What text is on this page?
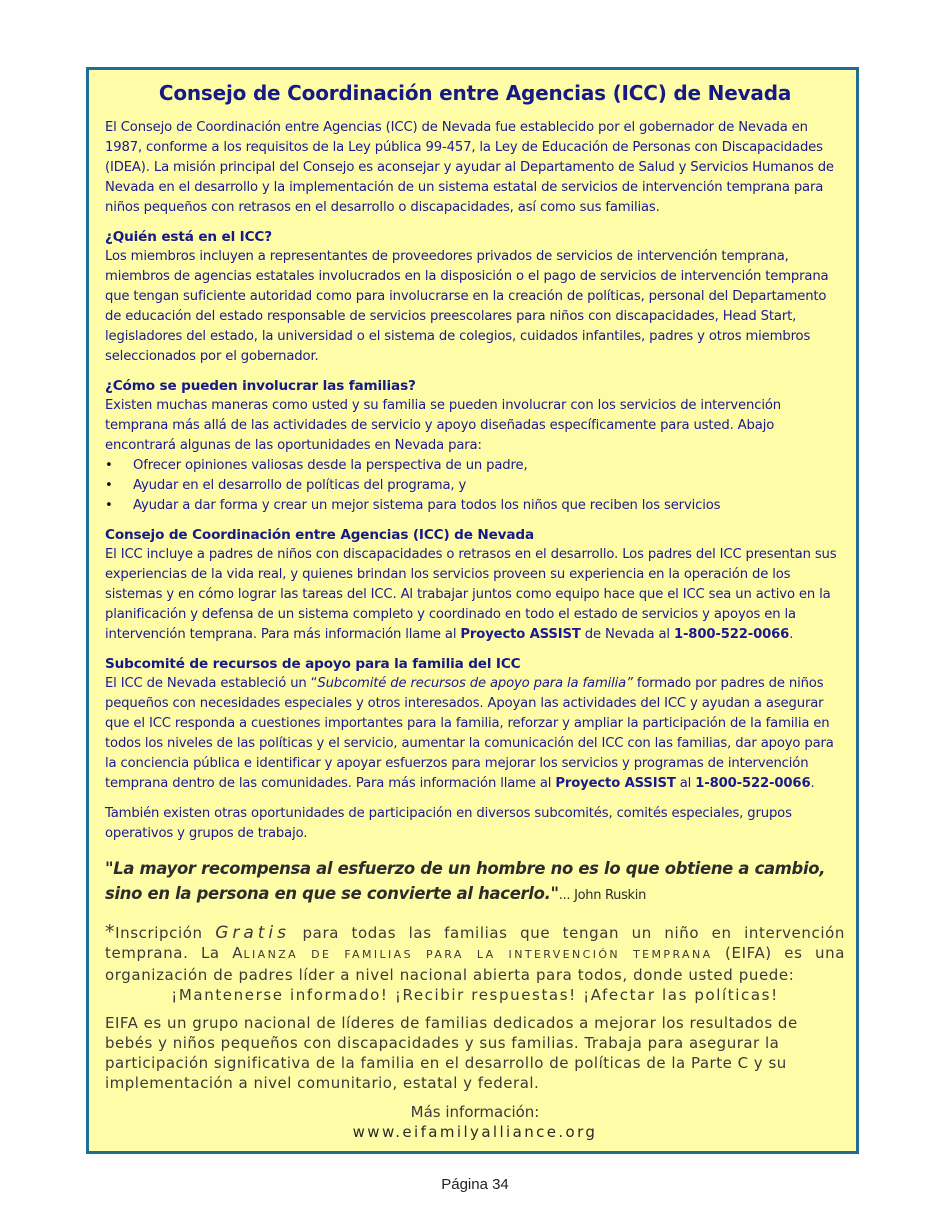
Consejo de Coordinación entre Agencias (ICC) de Nevada

El Consejo de Coordinación entre Agencias (ICC) de Nevada fue establecido por el gobernador de Nevada en 1987, conforme a los requisitos de la Ley pública 99-457, la Ley de Educación de Personas con Discapacidades (IDEA). La misión principal del Consejo es aconsejar y ayudar al Departamento de Salud y Servicios Humanos de Nevada en el desarrollo y la implementación de un sistema estatal de servicios de intervención temprana para niños pequeños con retrasos en el desarrollo o discapacidades, así como sus familias.

¿Quién está en el ICC?

Los miembros incluyen a representantes de proveedores privados de servicios de intervención temprana, miembros de agencias estatales involucrados en la disposición o el pago de servicios de intervención temprana que tengan suficiente autoridad como para involucrarse en la creación de políticas, personal del Departamento de educación del estado responsable de servicios preescolares para niños con discapacidades, Head Start, legisladores del estado, la universidad o el sistema de colegios, cuidados infantiles, padres y otros miembros seleccionados por el gobernador.

¿Cómo se pueden involucrar las familias?

Existen muchas maneras como usted y su familia se pueden involucrar con los servicios de intervención temprana más allá de las actividades de servicio y apoyo diseñadas específicamente para usted. Abajo encontrará algunas de las oportunidades en Nevada para:

• Ofrecer opiniones valiosas desde la perspectiva de un padre,
• Ayudar en el desarrollo de políticas del programa, y
• Ayudar a dar forma y crear un mejor sistema para todos los niños que reciben los servicios
Consejo de Coordinación entre Agencias (ICC) de Nevada

El ICC incluye a padres de niños con discapacidades o retrasos en el desarrollo. Los padres del ICC presentan sus experiencias de la vida real, y quienes brindan los servicios proveen su experiencia en la operación de los sistemas y en cómo lograr las tareas del ICC. Al trabajar juntos como equipo hace que el ICC sea un activo en la planificación y defensa de un sistema completo y coordinado en todo el estado de servicios y apoyos en la intervención temprana. Para más información llame al Proyecto ASSIST de Nevada al 1-800-522-0066.

Subcomité de recursos de apoyo para la familia del ICC

El ICC de Nevada estableció un “Subcomité de recursos de apoyo para la familia” formado por padres de niños pequeños con necesidades especiales y otros interesados. Apoyan las actividades del ICC y ayudan a asegurar que el ICC responda a cuestiones importantes para la familia, reforzar y ampliar la participación de la familia en todos los niveles de las políticas y el servicio, aumentar la comunicación del ICC con las familias, dar apoyo para la conciencia pública e identificar y apoyar esfuerzos para mejorar los servicios y programas de intervención temprana dentro de las comunidades. Para más información llame al Proyecto ASSIST al 1-800-522-0066.

También existen otras oportunidades de participación en diversos subcomités, comités especiales, grupos operativos y grupos de trabajo.

"La mayor recompensa al esfuerzo de un hombre no es lo que obtiene a cambio, sino en la persona en que se convierte al hacerlo."... John Ruskin

*Inscripción Gratis para todas las familias que tengan un niño en intervención temprana. La ALIANZA DE FAMILIAS PARA LA INTERVENCIÓN TEMPRANA (EIFA) es una organización de padres líder a nivel nacional abierta para todos, donde usted puede:

¡Mantenerse informado! ¡Recibir respuestas! ¡Afectar las políticas!

EIFA es un grupo nacional de líderes de familias dedicados a mejorar los resultados de bebés y niños pequeños con discapacidades y sus familias. Trabaja para asegurar la participación significativa de la familia en el desarrollo de políticas de la Parte C y su implementación a nivel comunitario, estatal y federal.

Más información:
www.eifamilyalliance.org
Página 34
